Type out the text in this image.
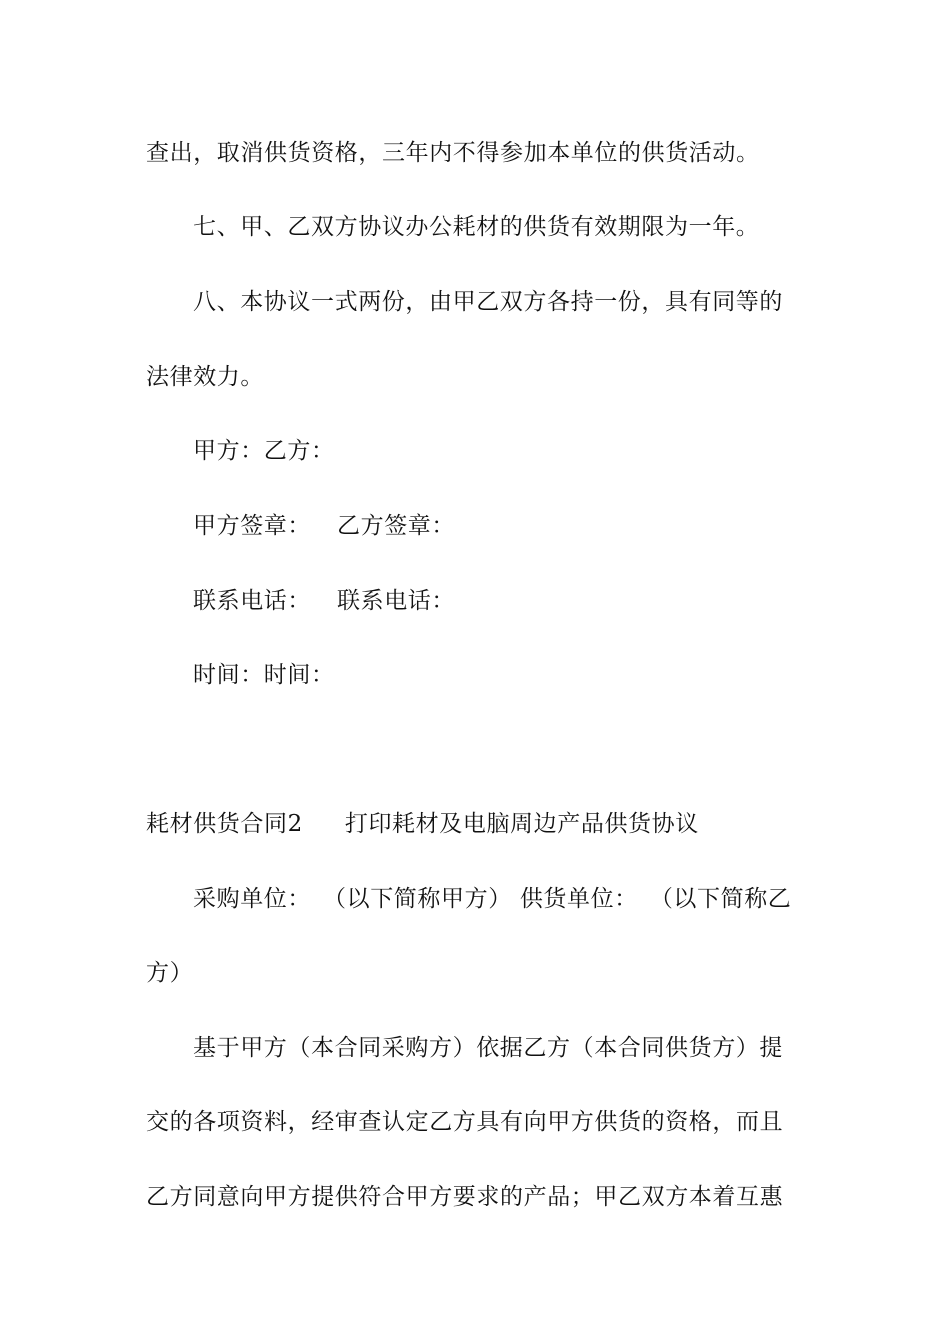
查出，取消供货资格，三年内不得参加本单位的供货活动。
七、甲、乙双方协议办公耗材的供货有效期限为一年。
八、本协议一式两份，由甲乙双方各持一份，具有同等的
法律效力。
甲方：乙方：
甲方签章： 乙方签章：
联系电话： 联系电话：
时间：时间：
耗材供货合同2 打印耗材及电脑周边产品供货协议
采购单位： （以下简称甲方） 供货单位： （以下简称乙
方）
基于甲方（本合同采购方）依据乙方（本合同供货方）提
交的各项资料，经审查认定乙方具有向甲方供货的资格，而且
乙方同意向甲方提供符合甲方要求的产品；甲乙双方本着互惠
